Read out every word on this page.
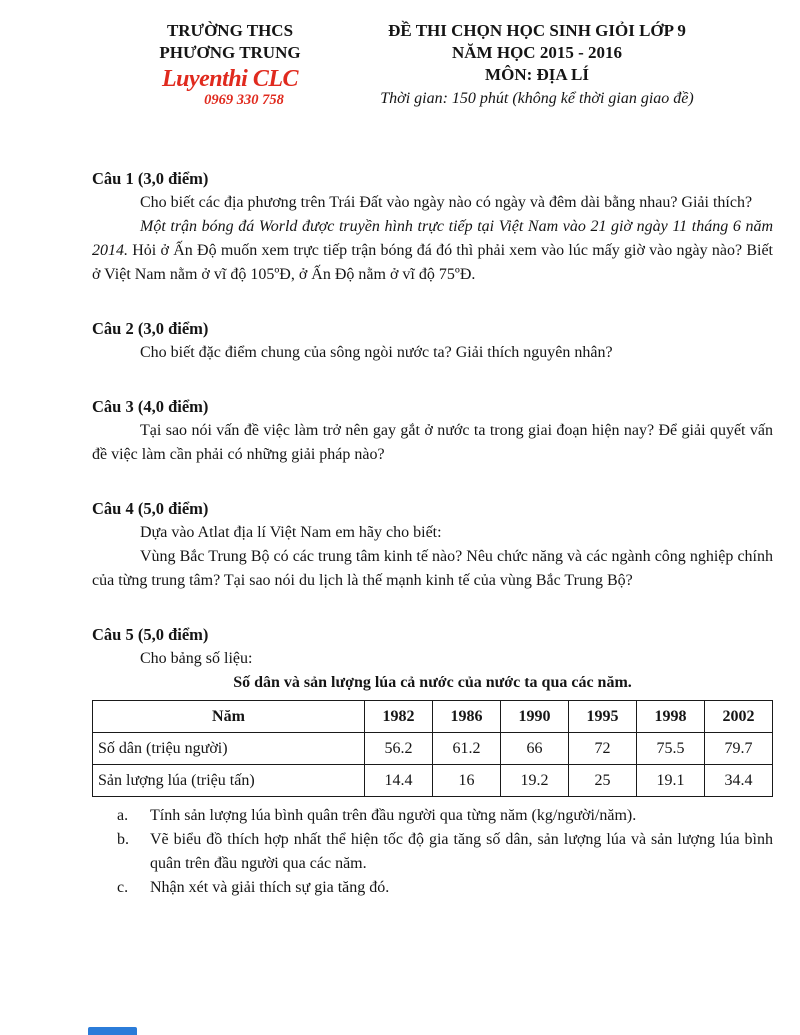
TRƯỜNG THCS
PHƯƠNG TRUNG
Luyenthi CLC
0969 330 758
ĐỀ THI CHỌN HỌC SINH GIỎI LỚP 9
NĂM HỌC 2015 - 2016
MÔN: ĐỊA LÍ
Thời gian: 150 phút (không kể thời gian giao đề)
Câu 1 (3,0 điểm)
Cho biết các địa phương trên Trái Đất vào ngày nào có ngày và đêm dài bằng nhau? Giải thích?
Một trận bóng đá World được truyền hình trực tiếp tại Việt Nam vào 21 giờ ngày 11 tháng 6 năm 2014. Hỏi ở Ấn Độ muốn xem trực tiếp trận bóng đá đó thì phải xem vào lúc mấy giờ vào ngày nào? Biết ở Việt Nam nằm ở vĩ độ 105ºĐ, ở Ấn Độ nằm ở vĩ độ 75ºĐ.
Câu 2 (3,0 điểm)
Cho biết đặc điểm chung của sông ngòi nước ta? Giải thích nguyên nhân?
Câu 3 (4,0 điểm)
Tại sao nói vấn đề việc làm trở nên gay gắt ở nước ta trong giai đoạn hiện nay? Để giải quyết vấn đề việc làm cần phải có những giải pháp nào?
Câu 4 (5,0 điểm)
Dựa vào Atlat địa lí Việt Nam em hãy cho biết:
Vùng Bắc Trung Bộ có các trung tâm kinh tế nào? Nêu chức năng và các ngành công nghiệp chính của từng trung tâm? Tại sao nói du lịch là thế mạnh kinh tế của vùng Bắc Trung Bộ?
Câu 5 (5,0 điểm)
Cho bảng số liệu:
Số dân và sản lượng lúa cả nước của nước ta qua các năm.
Năm	1982	1986	1990	1995	1998	2002
Số dân (triệu người)	56.2	61.2	66	72	75.5	79.7
Sản lượng lúa (triệu tấn)	14.4	16	19.2	25	19.1	34.4
a.	Tính sản lượng lúa bình quân trên đầu người qua từng năm (kg/người/năm).
b.	Vẽ biểu đồ thích hợp nhất thể hiện tốc độ gia tăng số dân, sản lượng lúa và sản lượng lúa bình quân trên đầu người qua các năm.
c.	Nhận xét và giải thích sự gia tăng đó.
